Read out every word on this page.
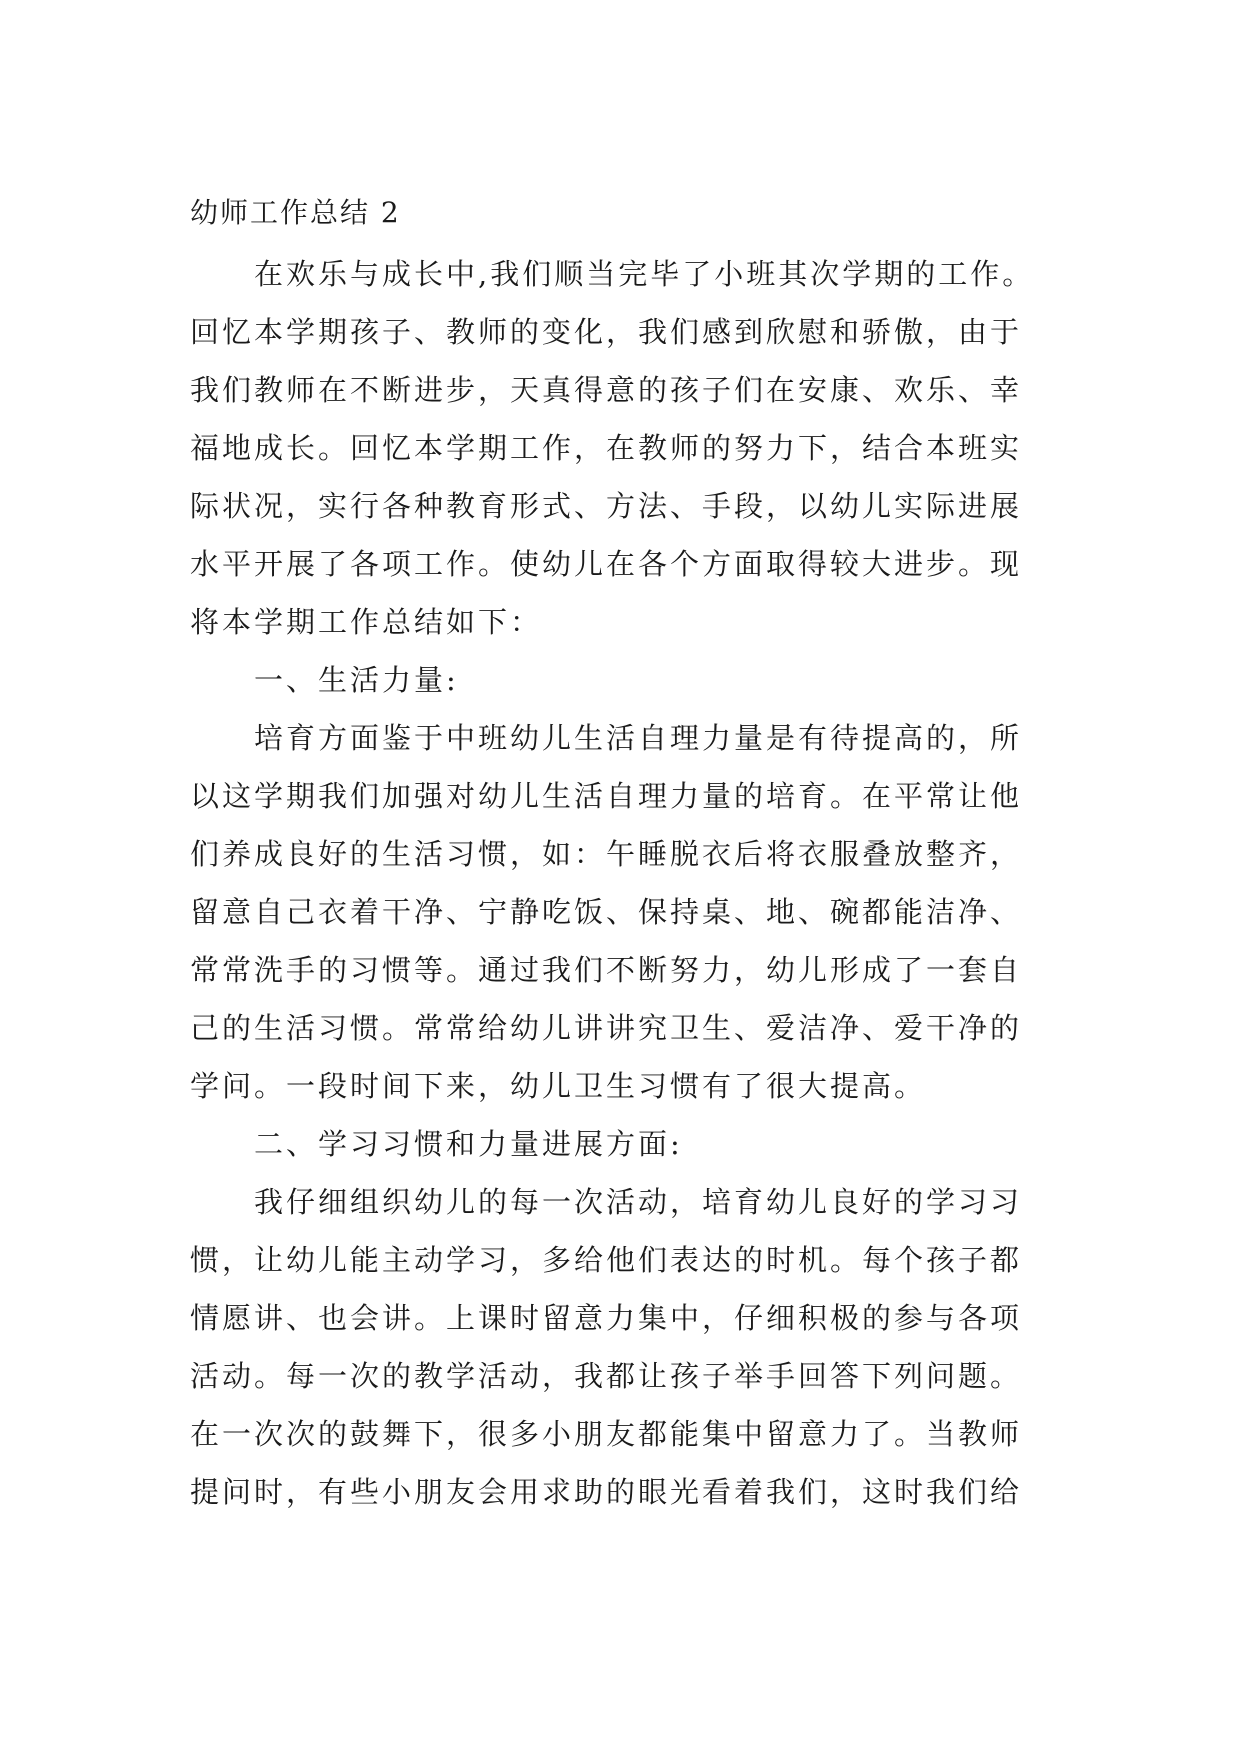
幼师工作总结 2
在欢乐与成长中,我们顺当完毕了小班其次学期的工作。
回忆本学期孩子、教师的变化，我们感到欣慰和骄傲，由于
我们教师在不断进步，天真得意的孩子们在安康、欢乐、幸
福地成长。回忆本学期工作，在教师的努力下，结合本班实
际状况，实行各种教育形式、方法、手段，以幼儿实际进展
水平开展了各项工作。使幼儿在各个方面取得较大进步。现
将本学期工作总结如下：
一、生活力量:
培育方面鉴于中班幼儿生活自理力量是有待提高的，所
以这学期我们加强对幼儿生活自理力量的培育。在平常让他
们养成良好的生活习惯，如：午睡脱衣后将衣服叠放整齐，
留意自己衣着干净、宁静吃饭、保持桌、地、碗都能洁净、
常常洗手的习惯等。通过我们不断努力，幼儿形成了一套自
己的生活习惯。常常给幼儿讲讲究卫生、爱洁净、爱干净的
学问。一段时间下来，幼儿卫生习惯有了很大提高。
二、学习习惯和力量进展方面:
我仔细组织幼儿的每一次活动，培育幼儿良好的学习习
惯，让幼儿能主动学习，多给他们表达的时机。每个孩子都
情愿讲、也会讲。上课时留意力集中，仔细积极的参与各项
活动。每一次的教学活动，我都让孩子举手回答下列问题。
在一次次的鼓舞下，很多小朋友都能集中留意力了。当教师
提问时，有些小朋友会用求助的眼光看着我们，这时我们给
